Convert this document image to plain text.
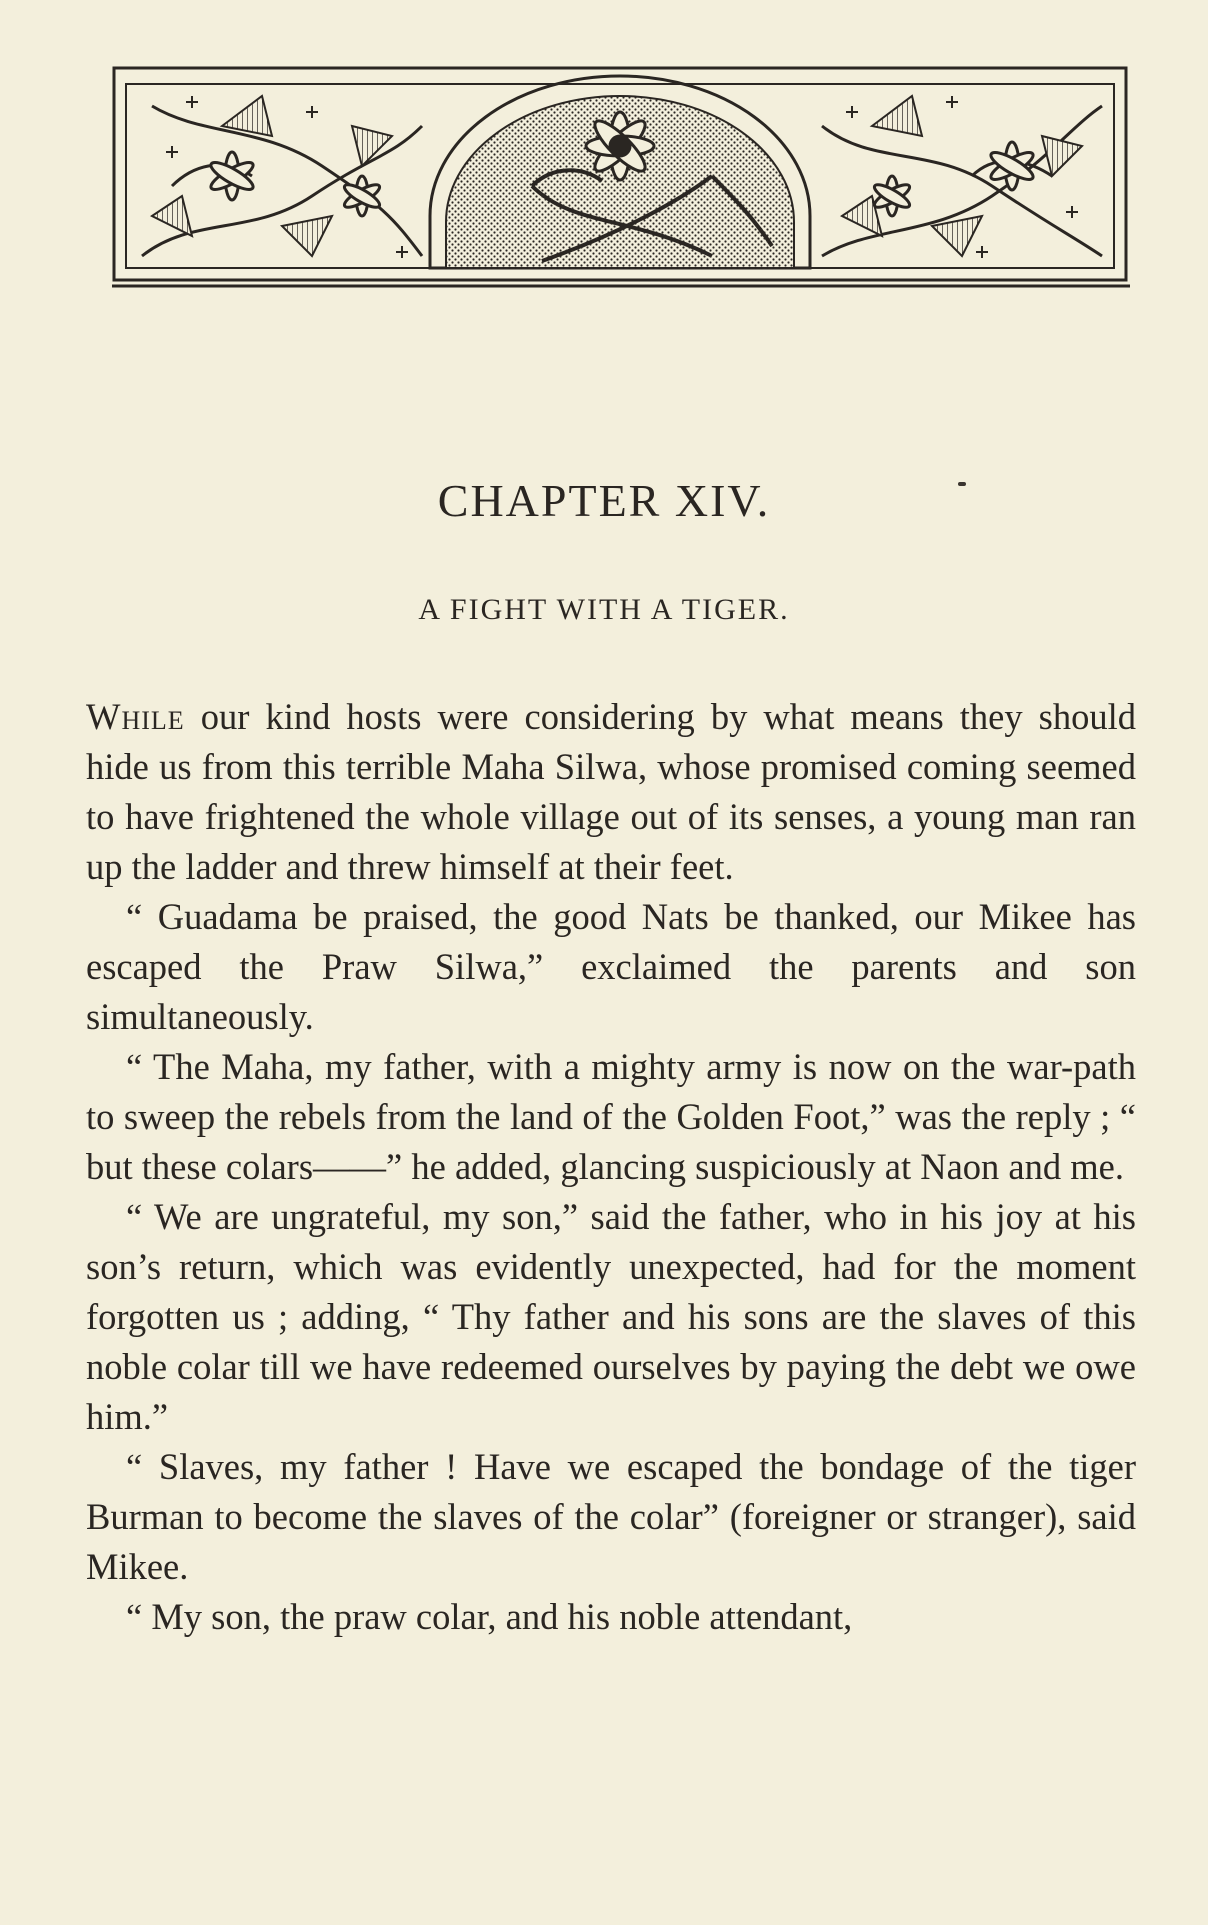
CHAPTER XIV.
A FIGHT WITH A TIGER.

While our kind hosts were considering by what means they should hide us from this terrible Maha Silwa, whose promised coming seemed to have frightened the whole village out of its senses, a young man ran up the ladder and threw himself at their feet.

“ Guadama be praised, the good Nats be thanked, our Mikee has escaped the Praw Silwa,” exclaimed the parents and son simultaneously.

“ The Maha, my father, with a mighty army is now on the war-path to sweep the rebels from the land of the Golden Foot,” was the reply ; “ but these colars——” he added, glancing suspiciously at Naon and me.

“ We are ungrateful, my son,” said the father, who in his joy at his son’s return, which was evidently unexpected, had for the moment forgotten us ; adding, “ Thy father and his sons are the slaves of this noble colar till we have redeemed ourselves by paying the debt we owe him.”

“ Slaves, my father ! Have we escaped the bondage of the tiger Burman to become the slaves of the colar” (foreigner or stranger), said Mikee.

“ My son, the praw colar, and his noble attendant,
